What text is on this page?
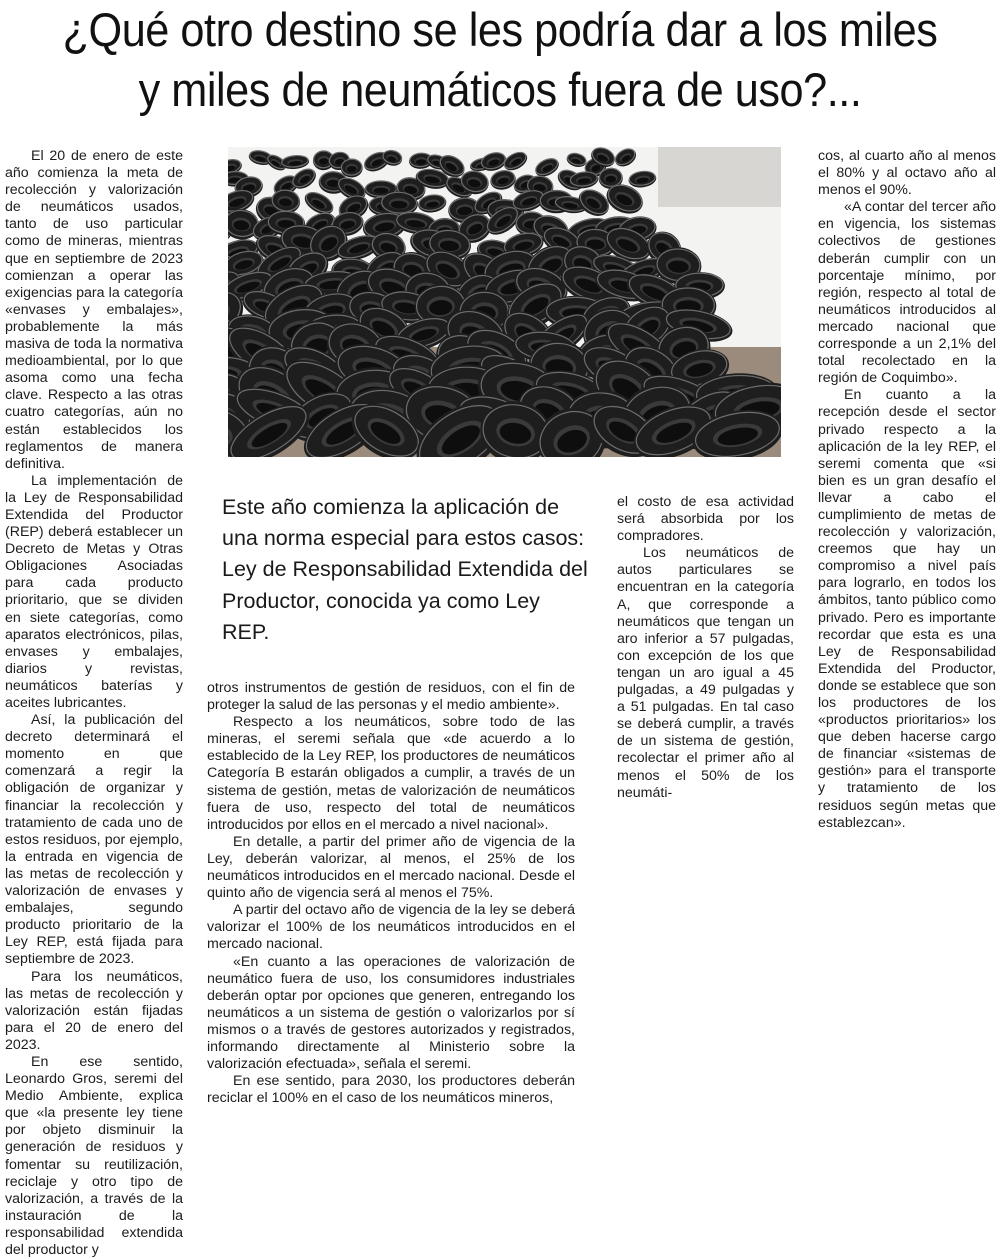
¿Qué otro destino se les podría dar a los miles
y miles de neumáticos fuera de uso?...

El 20 de enero de este año comienza la meta de recolección y valorización de neumáticos usados, tanto de uso particular como de mineras, mientras que en septiembre de 2023 comienzan a operar las exigencias para la categoría «envases y embalajes», probablemente la más masiva de toda la normativa medioambiental, por lo que asoma como una fecha clave. Respecto a las otras cuatro categorías, aún no están establecidos los reglamentos de manera definitiva.

La implementación de la Ley de Responsabilidad Extendida del Productor (REP) deberá establecer un Decreto de Metas y Otras Obligaciones Asociadas para cada producto prioritario, que se dividen en siete categorías, como aparatos electrónicos, pilas, envases y embalajes, diarios y revistas, neumáticos baterías y aceites lubricantes.

Así, la publicación del decreto determinará el momento en que comenzará a regir la obligación de organizar y financiar la recolección y tratamiento de cada uno de estos residuos, por ejemplo, la entrada en vigencia de las metas de recolección y valorización de envases y embalajes, segundo producto prioritario de la Ley REP, está fijada para septiembre de 2023.

Para los neumáticos, las metas de recolección y valorización están fijadas para el 20 de enero del 2023.

En ese sentido, Leonardo Gros, seremi del Medio Ambiente, explica que «la presente ley tiene por objeto disminuir la generación de residuos y fomentar su reutilización, reciclaje y otro tipo de valorización, a través de la instauración de la responsabilidad extendida del productor y

Este año comienza la aplicación de una norma especial para estos casos: Ley de Responsabilidad Extendida del Productor, conocida ya como Ley REP.

otros instrumentos de gestión de residuos, con el fin de proteger la salud de las personas y el medio ambiente».

Respecto a los neumáticos, sobre todo de las mineras, el seremi señala que «de acuerdo a lo establecido de la Ley REP, los productores de neumáticos Categoría B estarán obligados a cumplir, a través de un sistema de gestión, metas de valorización de neumáticos fuera de uso, respecto del total de neumáticos introducidos por ellos en el mercado a nivel nacional».

En detalle, a partir del primer año de vigencia de la Ley, deberán valorizar, al menos, el 25% de los neumáticos introducidos en el mercado nacional. Desde el quinto año de vigencia será al menos el 75%.

A partir del octavo año de vigencia de la ley se deberá valorizar el 100% de los neumáticos introducidos en el mercado nacional.

«En cuanto a las operaciones de valorización de neumático fuera de uso, los consumidores industriales deberán optar por opciones que generen, entregando los neumáticos a un sistema de gestión o valorizarlos por sí mismos o a través de gestores autorizados y registrados, informando directamente al Ministerio sobre la valorización efectuada», señala el seremi.

En ese sentido, para 2030, los productores deberán reciclar el 100% en el caso de los neumáticos mineros,

el costo de esa actividad será absorbida por los compradores.

Los neumáticos de autos particulares se encuentran en la categoría A, que corresponde a neumáticos que tengan un aro inferior a 57 pulgadas, con excepción de los que tengan un aro igual a 45 pulgadas, a 49 pulgadas y a 51 pulgadas. En tal caso se deberá cumplir, a través de un sistema de gestión, recolectar el primer año al menos el 50% de los neumáti-

cos, al cuarto año al menos el 80% y al octavo año al menos el 90%.

«A contar del tercer año en vigencia, los sistemas colectivos de gestiones deberán cumplir con un porcentaje mínimo, por región, respecto al total de neumáticos introducidos al mercado nacional que corresponde a un 2,1% del total recolectado en la región de Coquimbo».

En cuanto a la recepción desde el sector privado respecto a la aplicación de la ley REP, el seremi comenta que «si bien es un gran desafío el llevar a cabo el cumplimiento de metas de recolección y valorización, creemos que hay un compromiso a nivel país para lograrlo, en todos los ámbitos, tanto público como privado. Pero es importante recordar que esta es una Ley de Responsabilidad Extendida del Productor, donde se establece que son los productores de los «productos prioritarios» los que deben hacerse cargo de financiar «sistemas de gestión» para el transporte y tratamiento de los residuos según metas que establezcan».
